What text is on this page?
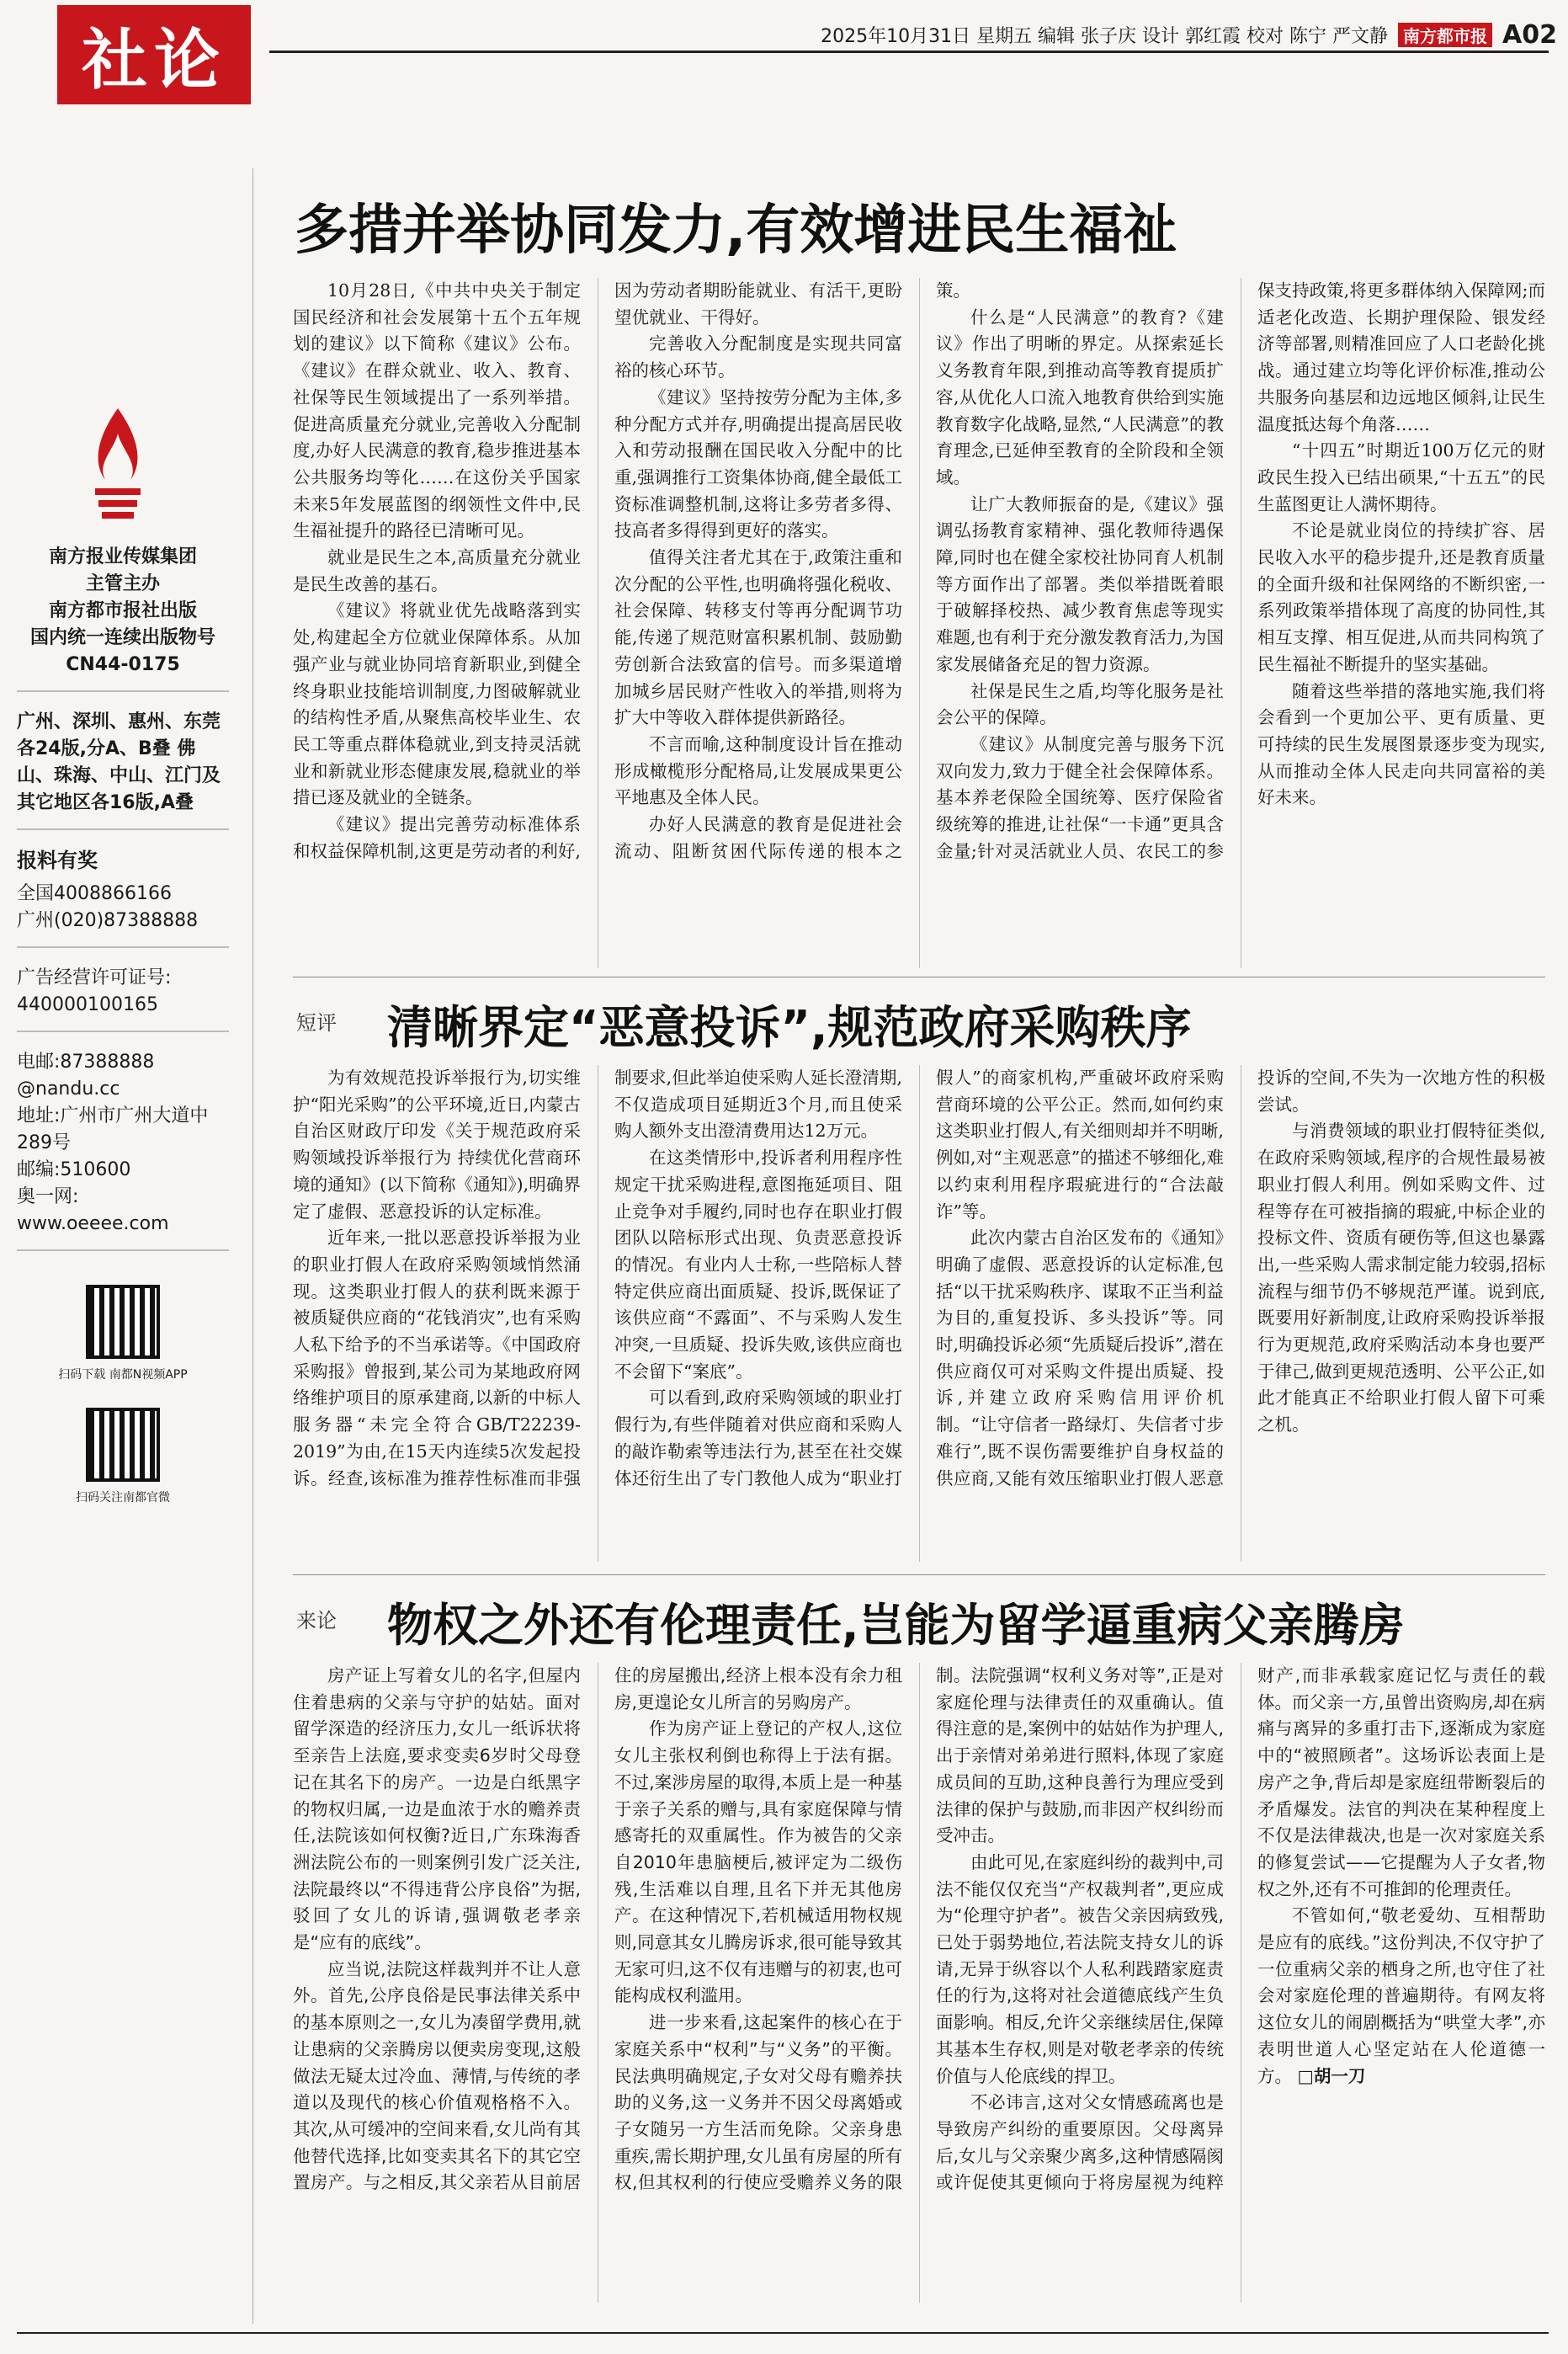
社论	2025年10月31日 星期五 编辑 张子庆 设计 郭红霞 校对 陈宁 严文静 南方都市报 A02
南方报业传媒集团
主管主办
南方都市报社出版
国内统一连续出版物号
CN44-0175
广州、深圳、惠州、东莞各24版,分A、B叠 佛山、珠海、中山、江门及其它地区各16版,A叠
报料有奖
全国4008866166
广州(020)87388888
广告经营许可证号:
440000100165
电邮:87388888
@nandu.cc
地址:广州市广州大道中289号
邮编:510600
奥一网:
www.oeeee.com
扫码下载 南都N视频APP
扫码关注南都官微
多措并举协同发力,有效增进民生福祉

10月28日,《中共中央关于制定国民经济和社会发展第十五个五年规划的建议》以下简称《建议》公布。《建议》在群众就业、收入、教育、社保等民生领域提出了一系列举措。促进高质量充分就业,完善收入分配制度,办好人民满意的教育,稳步推进基本公共服务均等化……在这份关乎国家未来5年发展蓝图的纲领性文件中,民生福祉提升的路径已清晰可见。

就业是民生之本,高质量充分就业是民生改善的基石。

《建议》将就业优先战略落到实处,构建起全方位就业保障体系。从加强产业与就业协同培育新职业,到健全终身职业技能培训制度,力图破解就业的结构性矛盾,从聚焦高校毕业生、农民工等重点群体稳就业,到支持灵活就业和新就业形态健康发展,稳就业的举措已逐及就业的全链条。

《建议》提出完善劳动标准体系和权益保障机制,这更是劳动者的利好,因为劳动者期盼能就业、有活干,更盼望优就业、干得好。

完善收入分配制度是实现共同富裕的核心环节。

《建议》坚持按劳分配为主体,多种分配方式并存,明确提出提高居民收入和劳动报酬在国民收入分配中的比重,强调推行工资集体协商,健全最低工资标准调整机制,这将让多劳者多得、技高者多得得到更好的落实。

值得关注者尤其在于,政策注重和次分配的公平性,也明确将强化税收、社会保障、转移支付等再分配调节功能,传递了规范财富积累机制、鼓励勤劳创新合法致富的信号。而多渠道增加城乡居民财产性收入的举措,则将为扩大中等收入群体提供新路径。

不言而喻,这种制度设计旨在推动形成橄榄形分配格局,让发展成果更公平地惠及全体人民。

办好人民满意的教育是促进社会流动、阻断贫困代际传递的根本之策。

什么是“人民满意”的教育?《建议》作出了明晰的界定。从探索延长义务教育年限,到推动高等教育提质扩容,从优化人口流入地教育供给到实施教育数字化战略,显然,“人民满意”的教育理念,已延伸至教育的全阶段和全领域。

让广大教师振奋的是,《建议》强调弘扬教育家精神、强化教师待遇保障,同时也在健全家校社协同育人机制等方面作出了部署。类似举措既着眼于破解择校热、减少教育焦虑等现实难题,也有利于充分激发教育活力,为国家发展储备充足的智力资源。

社保是民生之盾,均等化服务是社会公平的保障。

《建议》从制度完善与服务下沉双向发力,致力于健全社会保障体系。基本养老保险全国统筹、医疗保险省级统筹的推进,让社保“一卡通”更具含金量;针对灵活就业人员、农民工的参保支持政策,将更多群体纳入保障网;而适老化改造、长期护理保险、银发经济等部署,则精准回应了人口老龄化挑战。通过建立均等化评价标准,推动公共服务向基层和边远地区倾斜,让民生温度抵达每个角落……

“十四五”时期近100万亿元的财政民生投入已结出硕果,“十五五”的民生蓝图更让人满怀期待。

不论是就业岗位的持续扩容、居民收入水平的稳步提升,还是教育质量的全面升级和社保网络的不断织密,一系列政策举措体现了高度的协同性,其相互支撑、相互促进,从而共同构筑了民生福祉不断提升的坚实基础。

随着这些举措的落地实施,我们将会看到一个更加公平、更有质量、更可持续的民生发展图景逐步变为现实,从而推动全体人民走向共同富裕的美好未来。

短评 清晰界定“恶意投诉”,规范政府采购秩序

为有效规范投诉举报行为,切实维护“阳光采购”的公平环境,近日,内蒙古自治区财政厅印发《关于规范政府采购领域投诉举报行为 持续优化营商环境的通知》(以下简称《通知》),明确界定了虚假、恶意投诉的认定标准。

近年来,一批以恶意投诉举报为业的职业打假人在政府采购领域悄然涌现。这类职业打假人的获利既来源于被质疑供应商的“花钱消灾”,也有采购人私下给予的不当承诺等。《中国政府采购报》曾报到,某公司为某地政府网络维护项目的原承建商,以新的中标人服务器“未完全符合GB/T22239-2019”为由,在15天内连续5次发起投诉。经查,该标准为推荐性标准而非强制要求,但此举迫使采购人延长澄清期,不仅造成项目延期近3个月,而且使采购人额外支出澄清费用达12万元。

在这类情形中,投诉者利用程序性规定干扰采购进程,意图拖延项目、阻止竞争对手履约,同时也存在职业打假团队以陪标形式出现、负责恶意投诉的情况。有业内人士称,一些陪标人替特定供应商出面质疑、投诉,既保证了该供应商“不露面”、不与采购人发生冲突,一旦质疑、投诉失败,该供应商也不会留下“案底”。

可以看到,政府采购领域的职业打假行为,有些伴随着对供应商和采购人的敲诈勒索等违法行为,甚至在社交媒体还衍生出了专门教他人成为“职业打假人”的商家机构,严重破坏政府采购营商环境的公平公正。然而,如何约束这类职业打假人,有关细则却并不明晰,例如,对“主观恶意”的描述不够细化,难以约束利用程序瑕疵进行的“合法敲诈”等。

此次内蒙古自治区发布的《通知》明确了虚假、恶意投诉的认定标准,包括“以干扰采购秩序、谋取不正当利益为目的,重复投诉、多头投诉”等。同时,明确投诉必须“先质疑后投诉”,潜在供应商仅可对采购文件提出质疑、投诉,并建立政府采购信用评价机制。“让守信者一路绿灯、失信者寸步难行”,既不误伤需要维护自身权益的供应商,又能有效压缩职业打假人恶意投诉的空间,不失为一次地方性的积极尝试。

与消费领域的职业打假特征类似,在政府采购领域,程序的合规性最易被职业打假人利用。例如采购文件、过程等存在可被指摘的瑕疵,中标企业的投标文件、资质有硬伤等,但这也暴露出,一些采购人需求制定能力较弱,招标流程与细节仍不够规范严谨。说到底,既要用好新制度,让政府采购投诉举报行为更规范,政府采购活动本身也要严于律己,做到更规范透明、公平公正,如此才能真正不给职业打假人留下可乘之机。

来论 物权之外还有伦理责任,岂能为留学逼重病父亲腾房

房产证上写着女儿的名字,但屋内住着患病的父亲与守护的姑姑。面对留学深造的经济压力,女儿一纸诉状将至亲告上法庭,要求变卖6岁时父母登记在其名下的房产。一边是白纸黑字的物权归属,一边是血浓于水的赡养责任,法院该如何权衡?近日,广东珠海香洲法院公布的一则案例引发广泛关注,法院最终以“不得违背公序良俗”为据,驳回了女儿的诉请,强调敬老孝亲是“应有的底线”。

应当说,法院这样裁判并不让人意外。首先,公序良俗是民事法律关系中的基本原则之一,女儿为凑留学费用,就让患病的父亲腾房以便卖房变现,这般做法无疑太过冷血、薄情,与传统的孝道以及现代的核心价值观格格不入。其次,从可缓冲的空间来看,女儿尚有其他替代选择,比如变卖其名下的其它空置房产。与之相反,其父亲若从目前居住的房屋搬出,经济上根本没有余力租房,更遑论女儿所言的另购房产。

作为房产证上登记的产权人,这位女儿主张权利倒也称得上于法有据。不过,案涉房屋的取得,本质上是一种基于亲子关系的赠与,具有家庭保障与情感寄托的双重属性。作为被告的父亲自2010年患脑梗后,被评定为二级伤残,生活难以自理,且名下并无其他房产。在这种情况下,若机械适用物权规则,同意其女儿腾房诉求,很可能导致其无家可归,这不仅有违赠与的初衷,也可能构成权利滥用。

进一步来看,这起案件的核心在于家庭关系中“权利”与“义务”的平衡。民法典明确规定,子女对父母有赡养扶助的义务,这一义务并不因父母离婚或子女随另一方生活而免除。父亲身患重疾,需长期护理,女儿虽有房屋的所有权,但其权利的行使应受赡养义务的限制。法院强调“权利义务对等”,正是对家庭伦理与法律责任的双重确认。值得注意的是,案例中的姑姑作为护理人,出于亲情对弟弟进行照料,体现了家庭成员间的互助,这种良善行为理应受到法律的保护与鼓励,而非因产权纠纷而受冲击。

由此可见,在家庭纠纷的裁判中,司法不能仅仅充当“产权裁判者”,更应成为“伦理守护者”。被告父亲因病致残,已处于弱势地位,若法院支持女儿的诉请,无异于纵容以个人私利践踏家庭责任的行为,这将对社会道德底线产生负面影响。相反,允许父亲继续居住,保障其基本生存权,则是对敬老孝亲的传统价值与人伦底线的捍卫。

不必讳言,这对父女情感疏离也是导致房产纠纷的重要原因。父母离异后,女儿与父亲聚少离多,这种情感隔阂或许促使其更倾向于将房屋视为纯粹财产,而非承载家庭记忆与责任的载体。而父亲一方,虽曾出资购房,却在病痛与离异的多重打击下,逐渐成为家庭中的“被照顾者”。这场诉讼表面上是房产之争,背后却是家庭纽带断裂后的矛盾爆发。法官的判决在某种程度上不仅是法律裁决,也是一次对家庭关系的修复尝试——它提醒为人子女者,物权之外,还有不可推卸的伦理责任。

不管如何,“敬老爱幼、互相帮助是应有的底线。”这份判决,不仅守护了一位重病父亲的栖身之所,也守住了社会对家庭伦理的普遍期待。有网友将这位女儿的闹剧概括为“哄堂大孝”,亦表明世道人心坚定站在人伦道德一方。 □胡一刀
